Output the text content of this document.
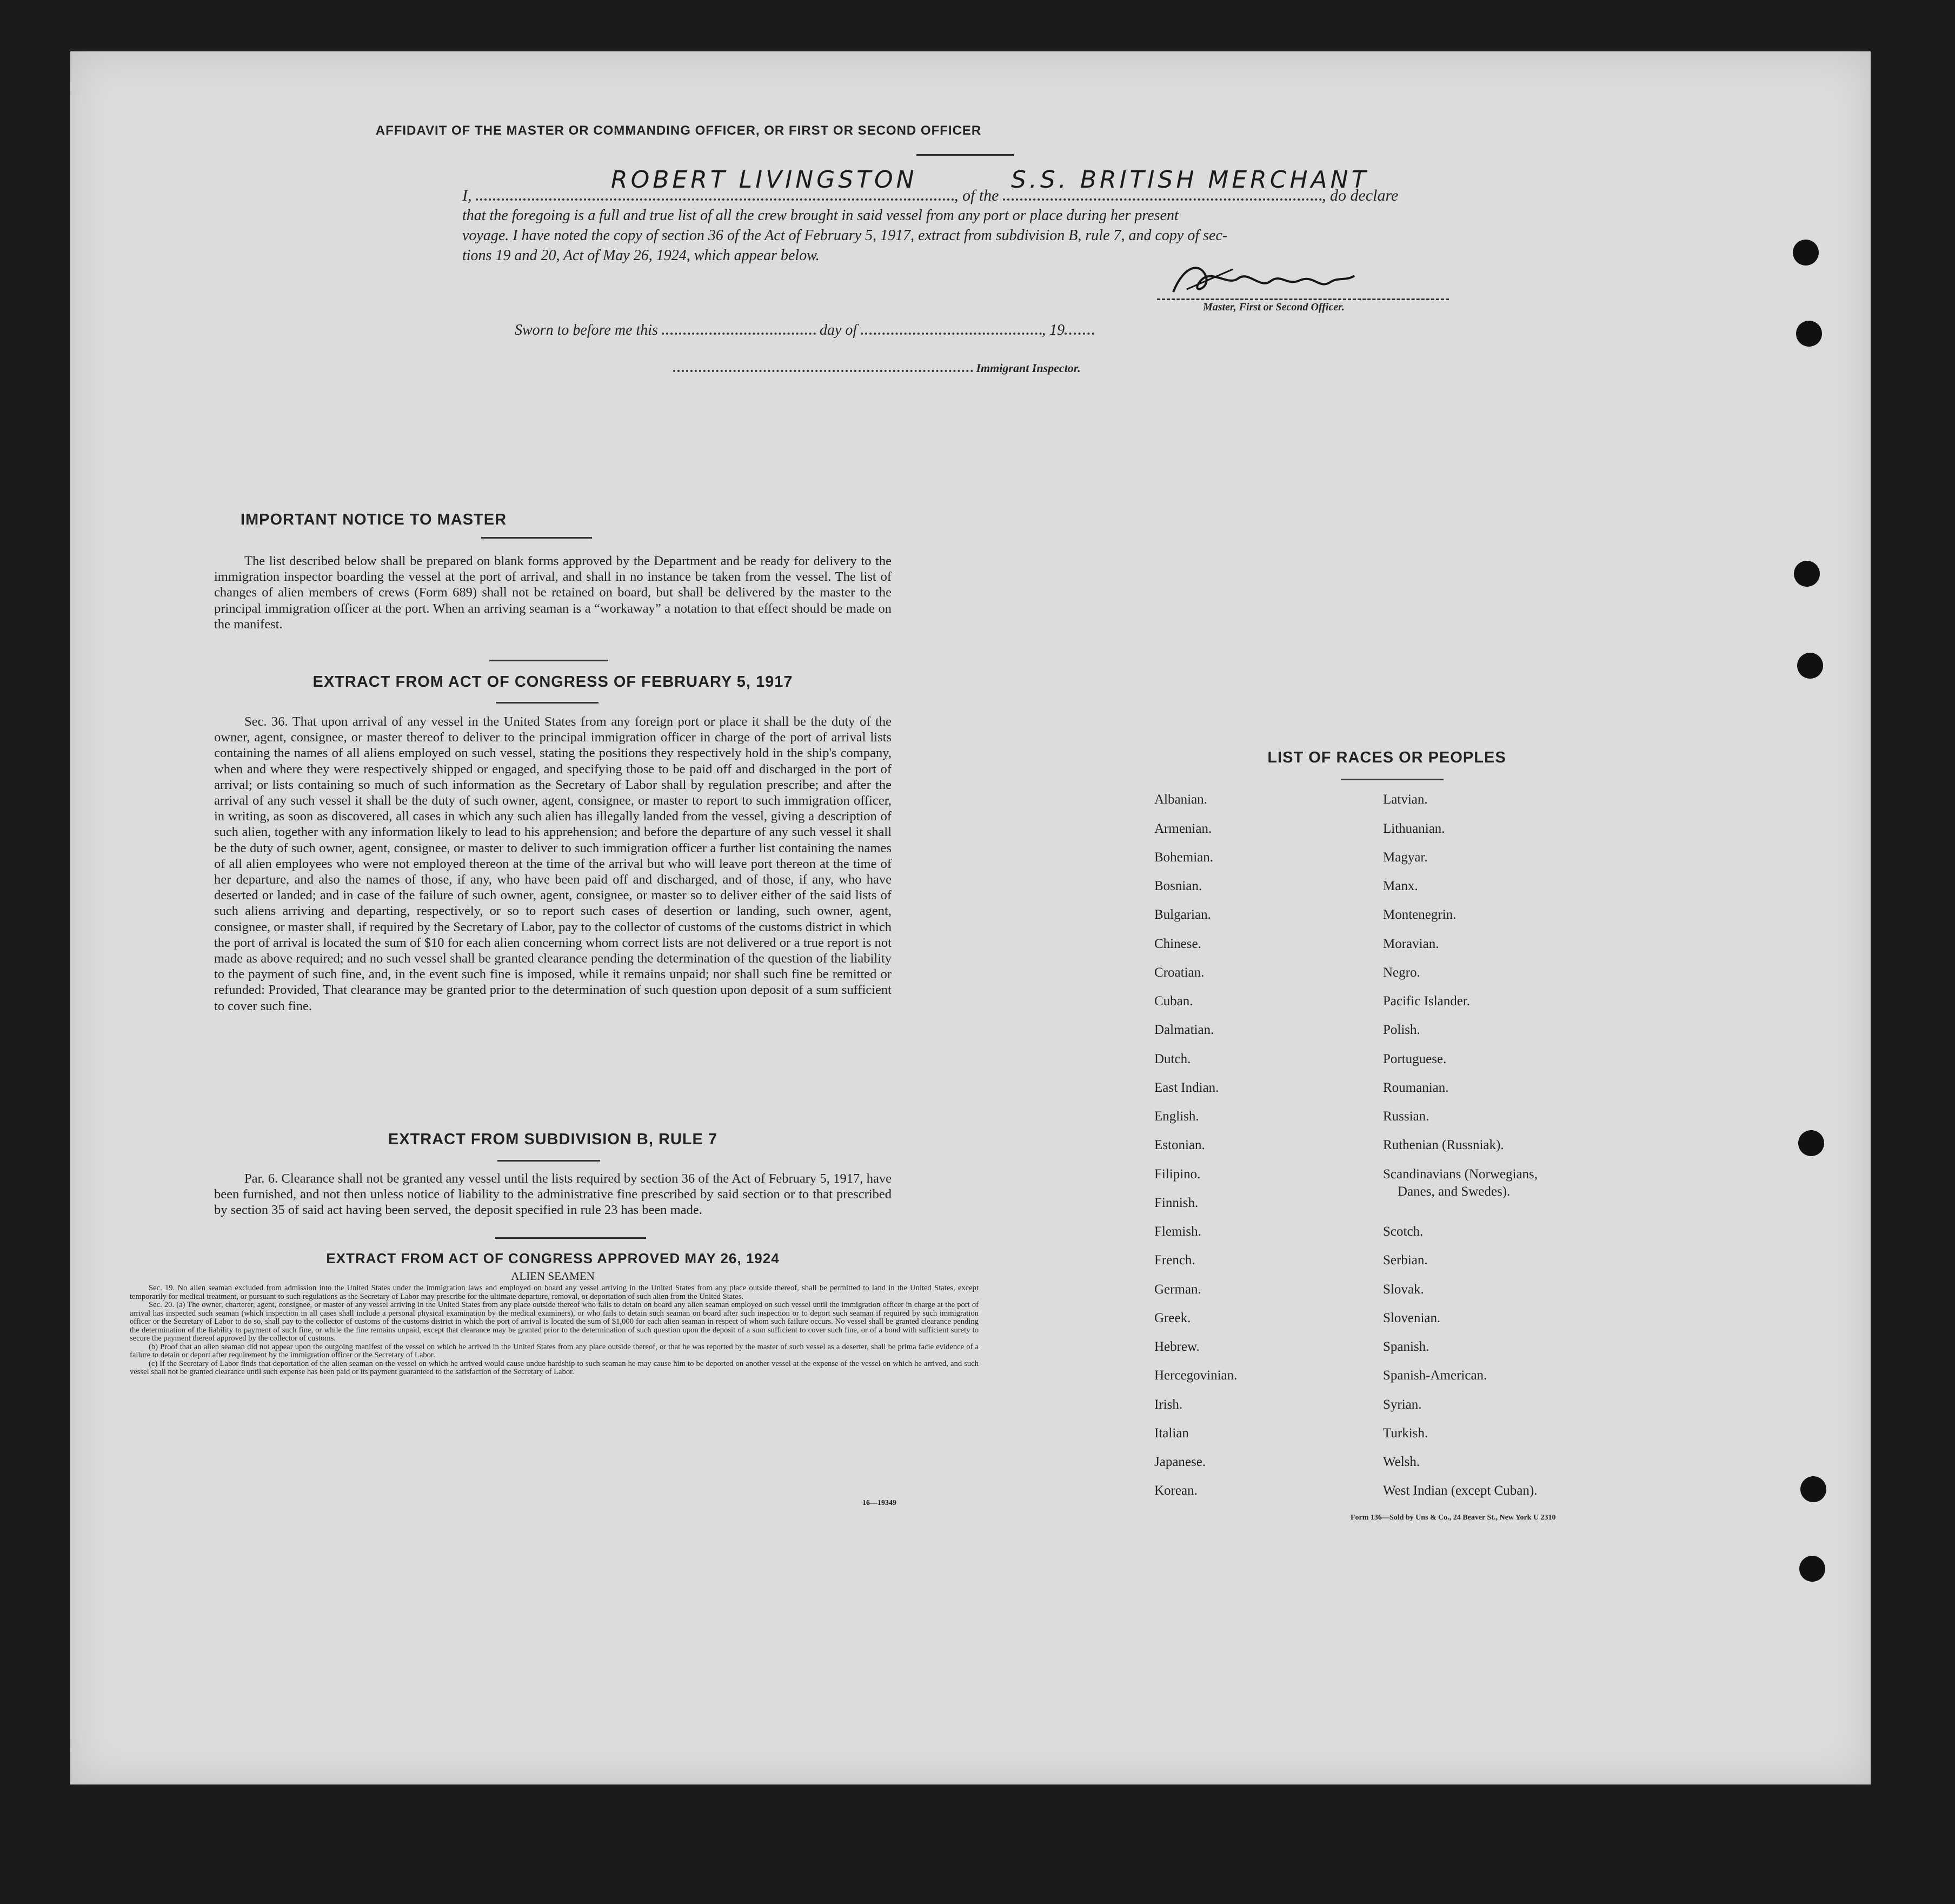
AFFIDAVIT OF THE MASTER OR COMMANDING OFFICER, OR FIRST OR SECOND OFFICER
I,
ROBERT LIVINGSTON
, of the
S.S. BRITISH MERCHANT
, do declare
that the foregoing is a full and true list of all the crew brought in said vessel from any port or place during her present
voyage. I have noted the copy of section 36 of the Act of February 5, 1917, extract from subdivision B, rule 7, and copy of sec-
tions 19 and 20, Act of May 26, 1924, which appear below.
Master, First or Second Officer.
Sworn to before me this	day of	, 19
Immigrant Inspector.
IMPORTANT NOTICE TO MASTER
The list described below shall be prepared on blank forms approved by the Department and be ready for delivery to the immigration inspector boarding the vessel at the port of arrival, and shall in no instance be taken from the vessel. The list of changes of alien members of crews (Form 689) shall not be retained on board, but shall be delivered by the master to the principal immigration officer at the port. When an arriving seaman is a “workaway” a notation to that effect should be made on the manifest.
EXTRACT FROM ACT OF CONGRESS OF FEBRUARY 5, 1917
Sec. 36. That upon arrival of any vessel in the United States from any foreign port or place it shall be the duty of the owner, agent, consignee, or master thereof to deliver to the principal immigration officer in charge of the port of arrival lists containing the names of all aliens employed on such vessel, stating the positions they respectively hold in the ship's company, when and where they were respectively shipped or engaged, and specifying those to be paid off and discharged in the port of arrival; or lists containing so much of such information as the Secretary of Labor shall by regulation prescribe; and after the arrival of any such vessel it shall be the duty of such owner, agent, consignee, or master to report to such immigration officer, in writing, as soon as discovered, all cases in which any such alien has illegally landed from the vessel, giving a description of such alien, together with any information likely to lead to his apprehension; and before the departure of any such vessel it shall be the duty of such owner, agent, consignee, or master to deliver to such immigration officer a further list containing the names of all alien employees who were not employed thereon at the time of the arrival but who will leave port thereon at the time of her departure, and also the names of those, if any, who have been paid off and discharged, and of those, if any, who have deserted or landed; and in case of the failure of such owner, agent, consignee, or master so to deliver either of the said lists of such aliens arriving and departing, respectively, or so to report such cases of desertion or landing, such owner, agent, consignee, or master shall, if required by the Secretary of Labor, pay to the collector of customs of the customs district in which the port of arrival is located the sum of $10 for each alien concerning whom correct lists are not delivered or a true report is not made as above required; and no such vessel shall be granted clearance pending the determination of the question of the liability to the payment of such fine, and, in the event such fine is imposed, while it remains unpaid; nor shall such fine be remitted or refunded: Provided, That clearance may be granted prior to the determination of such question upon deposit of a sum sufficient to cover such fine.
EXTRACT FROM SUBDIVISION B, RULE 7
Par. 6. Clearance shall not be granted any vessel until the lists required by section 36 of the Act of February 5, 1917, have been furnished, and not then unless notice of liability to the administrative fine prescribed by said section or to that prescribed by section 35 of said act having been served, the deposit specified in rule 23 has been made.
EXTRACT FROM ACT OF CONGRESS APPROVED MAY 26, 1924
ALIEN SEAMEN
Sec. 19. No alien seaman excluded from admission into the United States under the immigration laws and employed on board any vessel arriving in the United States from any place outside thereof, shall be permitted to land in the United States, except temporarily for medical treatment, or pursuant to such regulations as the Secretary of Labor may prescribe for the ultimate departure, removal, or deportation of such alien from the United States.
Sec. 20. (a) The owner, charterer, agent, consignee, or master of any vessel arriving in the United States from any place outside thereof who fails to detain on board any alien seaman employed on such vessel until the immigration officer in charge at the port of arrival has inspected such seaman (which inspection in all cases shall include a personal physical examination by the medical examiners), or who fails to detain such seaman on board after such inspection or to deport such seaman if required by such immigration officer or the Secretary of Labor to do so, shall pay to the collector of customs of the customs district in which the port of arrival is located the sum of $1,000 for each alien seaman in respect of whom such failure occurs. No vessel shall be granted clearance pending the determination of the liability to payment of such fine, or while the fine remains unpaid, except that clearance may be granted prior to the determination of such question upon the deposit of a sum sufficient to cover such fine, or of a bond with sufficient surety to secure the payment thereof approved by the collector of customs.
(b) Proof that an alien seaman did not appear upon the outgoing manifest of the vessel on which he arrived in the United States from any place outside thereof, or that he was reported by the master of such vessel as a deserter, shall be prima facie evidence of a failure to detain or deport after requirement by the immigration officer or the Secretary of Labor.
(c) If the Secretary of Labor finds that deportation of the alien seaman on the vessel on which he arrived would cause undue hardship to such seaman he may cause him to be deported on another vessel at the expense of the vessel on which he arrived, and such vessel shall not be granted clearance until such expense has been paid or its payment guaranteed to the satisfaction of the Secretary of Labor.
16—19349
LIST OF RACES OR PEOPLES
Albanian.
Armenian.
Bohemian.
Bosnian.
Bulgarian.
Chinese.
Croatian.
Cuban.
Dalmatian.
Dutch.
East Indian.
English.
Estonian.
Filipino.
Finnish.
Flemish.
French.
German.
Greek.
Hebrew.
Hercegovinian.
Irish.
Italian
Japanese.
Korean.
Latvian.
Lithuanian.
Magyar.
Manx.
Montenegrin.
Moravian.
Negro.
Pacific Islander.
Polish.
Portuguese.
Roumanian.
Russian.
Ruthenian (Russniak).
Scandinavians (Norwegians,
Danes, and Swedes).
Scotch.
Serbian.
Slovak.
Slovenian.
Spanish.
Spanish-American.
Syrian.
Turkish.
Welsh.
West Indian (except Cuban).
Form 136—Sold by Uns & Co., 24 Beaver St., New York U 2310
